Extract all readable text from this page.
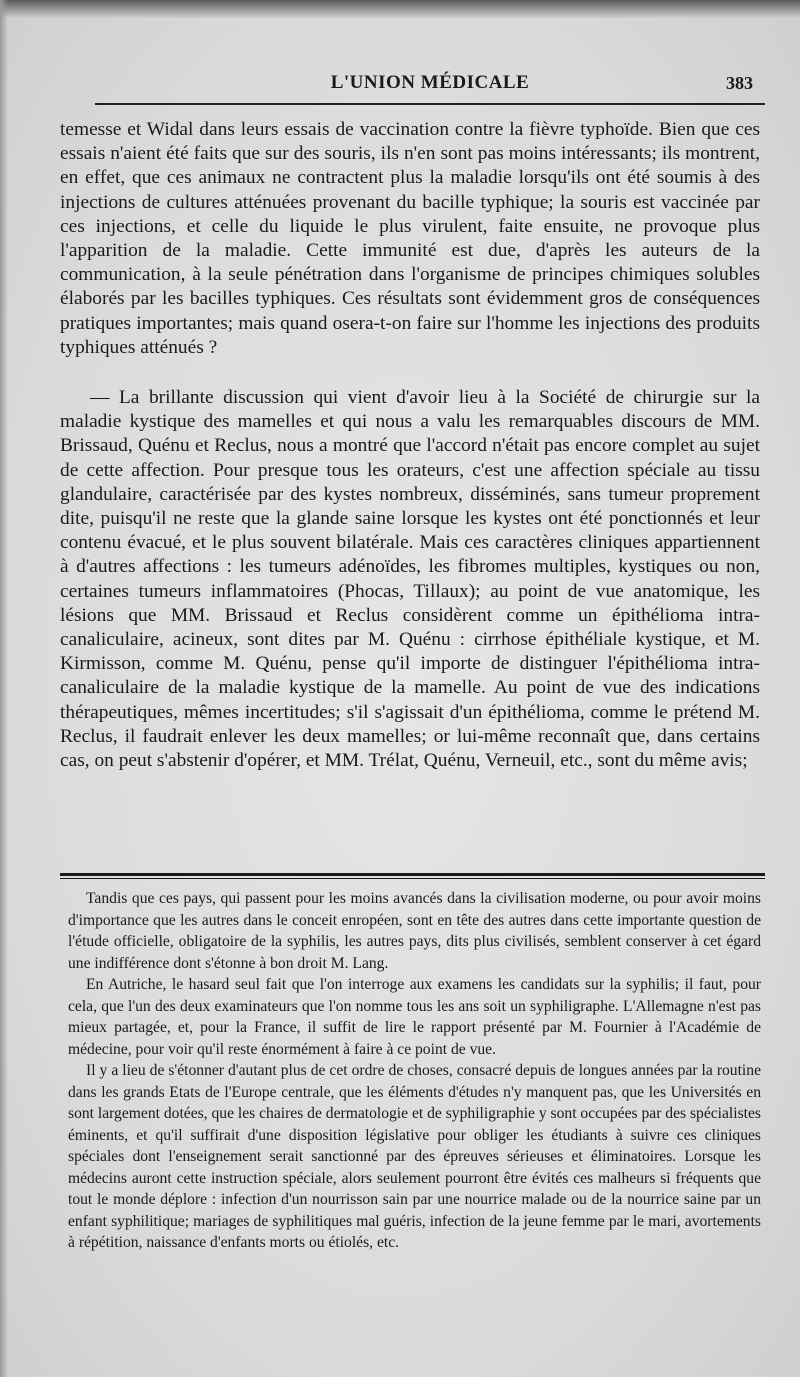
L'UNION MÉDICALE	383

temesse et Widal dans leurs essais de vaccination contre la fièvre typhoïde. Bien que ces essais n'aient été faits que sur des souris, ils n'en sont pas moins intéressants; ils montrent, en effet, que ces animaux ne contractent plus la maladie lorsqu'ils ont été soumis à des injections de cultures atténuées provenant du bacille typhique; la souris est vaccinée par ces injections, et celle du liquide le plus virulent, faite ensuite, ne provoque plus l'apparition de la maladie. Cette immunité est due, d'après les auteurs de la communication, à la seule pénétration dans l'organisme de principes chimiques solubles élaborés par les bacilles typhiques. Ces résultats sont évidemment gros de conséquences pratiques importantes; mais quand osera-t-on faire sur l'homme les injections des produits typhiques atténués ?

— La brillante discussion qui vient d'avoir lieu à la Société de chirurgie sur la maladie kystique des mamelles et qui nous a valu les remarquables discours de MM. Brissaud, Quénu et Reclus, nous a montré que l'accord n'était pas encore complet au sujet de cette affection. Pour presque tous les orateurs, c'est une affection spéciale au tissu glandulaire, caractérisée par des kystes nombreux, disséminés, sans tumeur proprement dite, puisqu'il ne reste que la glande saine lorsque les kystes ont été ponctionnés et leur contenu évacué, et le plus souvent bilatérale. Mais ces caractères cliniques appartiennent à d'autres affections : les tumeurs adénoïdes, les fibromes multiples, kystiques ou non, certaines tumeurs inflammatoires (Phocas, Tillaux); au point de vue anatomique, les lésions que MM. Brissaud et Reclus considèrent comme un épithélioma intra-canaliculaire, acineux, sont dites par M. Quénu : cirrhose épithéliale kystique, et M. Kirmisson, comme M. Quénu, pense qu'il importe de distinguer l'épithélioma intra-canaliculaire de la maladie kystique de la mamelle. Au point de vue des indications thérapeutiques, mêmes incertitudes; s'il s'agissait d'un épithélioma, comme le prétend M. Reclus, il faudrait enlever les deux mamelles; or lui-même reconnaît que, dans certains cas, on peut s'abstenir d'opérer, et MM. Trélat, Quénu, Verneuil, etc., sont du même avis;

Tandis que ces pays, qui passent pour les moins avancés dans la civilisation moderne, ou pour avoir moins d'importance que les autres dans le conceit enropéen, sont en tête des autres dans cette importante question de l'étude officielle, obligatoire de la syphilis, les autres pays, dits plus civilisés, semblent conserver à cet égard une indifférence dont s'étonne à bon droit M. Lang.

En Autriche, le hasard seul fait que l'on interroge aux examens les candidats sur la syphilis; il faut, pour cela, que l'un des deux examinateurs que l'on nomme tous les ans soit un syphiligraphe. L'Allemagne n'est pas mieux partagée, et, pour la France, il suffit de lire le rapport présenté par M. Fournier à l'Académie de médecine, pour voir qu'il reste énormément à faire à ce point de vue.

Il y a lieu de s'étonner d'autant plus de cet ordre de choses, consacré depuis de longues années par la routine dans les grands Etats de l'Europe centrale, que les éléments d'études n'y manquent pas, que les Universités en sont largement dotées, que les chaires de dermatologie et de syphiligraphie y sont occupées par des spécialistes éminents, et qu'il suffirait d'une disposition législative pour obliger les étudiants à suivre ces cliniques spéciales dont l'enseignement serait sanctionné par des épreuves sérieuses et éliminatoires. Lorsque les médecins auront cette instruction spéciale, alors seulement pourront être évités ces malheurs si fréquents que tout le monde déplore : infection d'un nourrisson sain par une nourrice malade ou de la nourrice saine par un enfant syphilitique; mariages de syphilitiques mal guéris, infection de la jeune femme par le mari, avortements à répétition, naissance d'enfants morts ou étiolés, etc.
